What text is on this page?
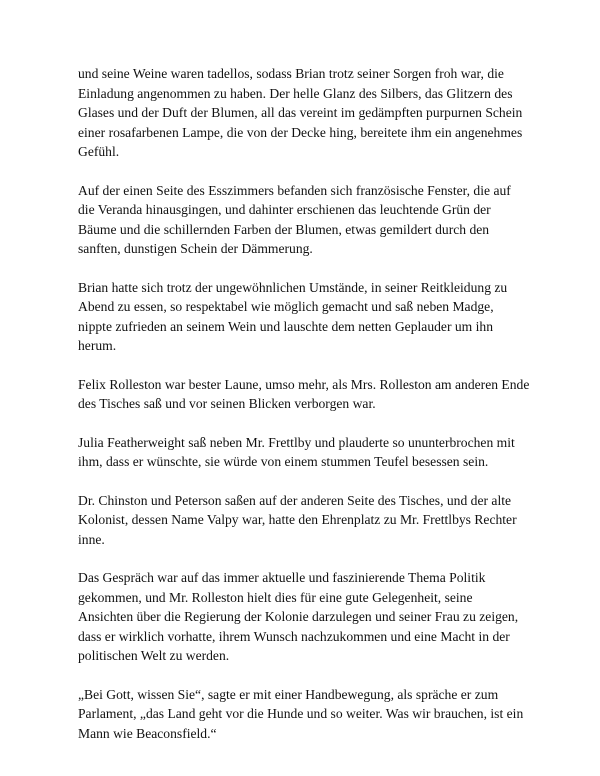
und seine Weine waren tadellos, sodass Brian trotz seiner Sorgen froh war, die Einladung angenommen zu haben. Der helle Glanz des Silbers, das Glitzern des Glases und der Duft der Blumen, all das vereint im gedämpften purpurnen Schein einer rosafarbenen Lampe, die von der Decke hing, bereitete ihm ein angenehmes Gefühl.

Auf der einen Seite des Esszimmers befanden sich französische Fenster, die auf die Veranda hinausgingen, und dahinter erschienen das leuchtende Grün der Bäume und die schillernden Farben der Blumen, etwas gemildert durch den sanften, dunstigen Schein der Dämmerung.

Brian hatte sich trotz der ungewöhnlichen Umstände, in seiner Reitkleidung zu Abend zu essen, so respektabel wie möglich gemacht und saß neben Madge, nippte zufrieden an seinem Wein und lauschte dem netten Geplauder um ihn herum.

Felix Rolleston war bester Laune, umso mehr, als Mrs. Rolleston am anderen Ende des Tisches saß und vor seinen Blicken verborgen war.

Julia Featherweight saß neben Mr. Frettlby und plauderte so ununterbrochen mit ihm, dass er wünschte, sie würde von einem stummen Teufel besessen sein.

Dr. Chinston und Peterson saßen auf der anderen Seite des Tisches, und der alte Kolonist, dessen Name Valpy war, hatte den Ehrenplatz zu Mr. Frettlbys Rechter inne.

Das Gespräch war auf das immer aktuelle und faszinierende Thema Politik gekommen, und Mr. Rolleston hielt dies für eine gute Gelegenheit, seine Ansichten über die Regierung der Kolonie darzulegen und seiner Frau zu zeigen, dass er wirklich vorhatte, ihrem Wunsch nachzukommen und eine Macht in der politischen Welt zu werden.

„Bei Gott, wissen Sie“, sagte er mit einer Handbewegung, als spräche er zum Parlament, „das Land geht vor die Hunde und so weiter. Was wir brauchen, ist ein Mann wie Beaconsfield.“
